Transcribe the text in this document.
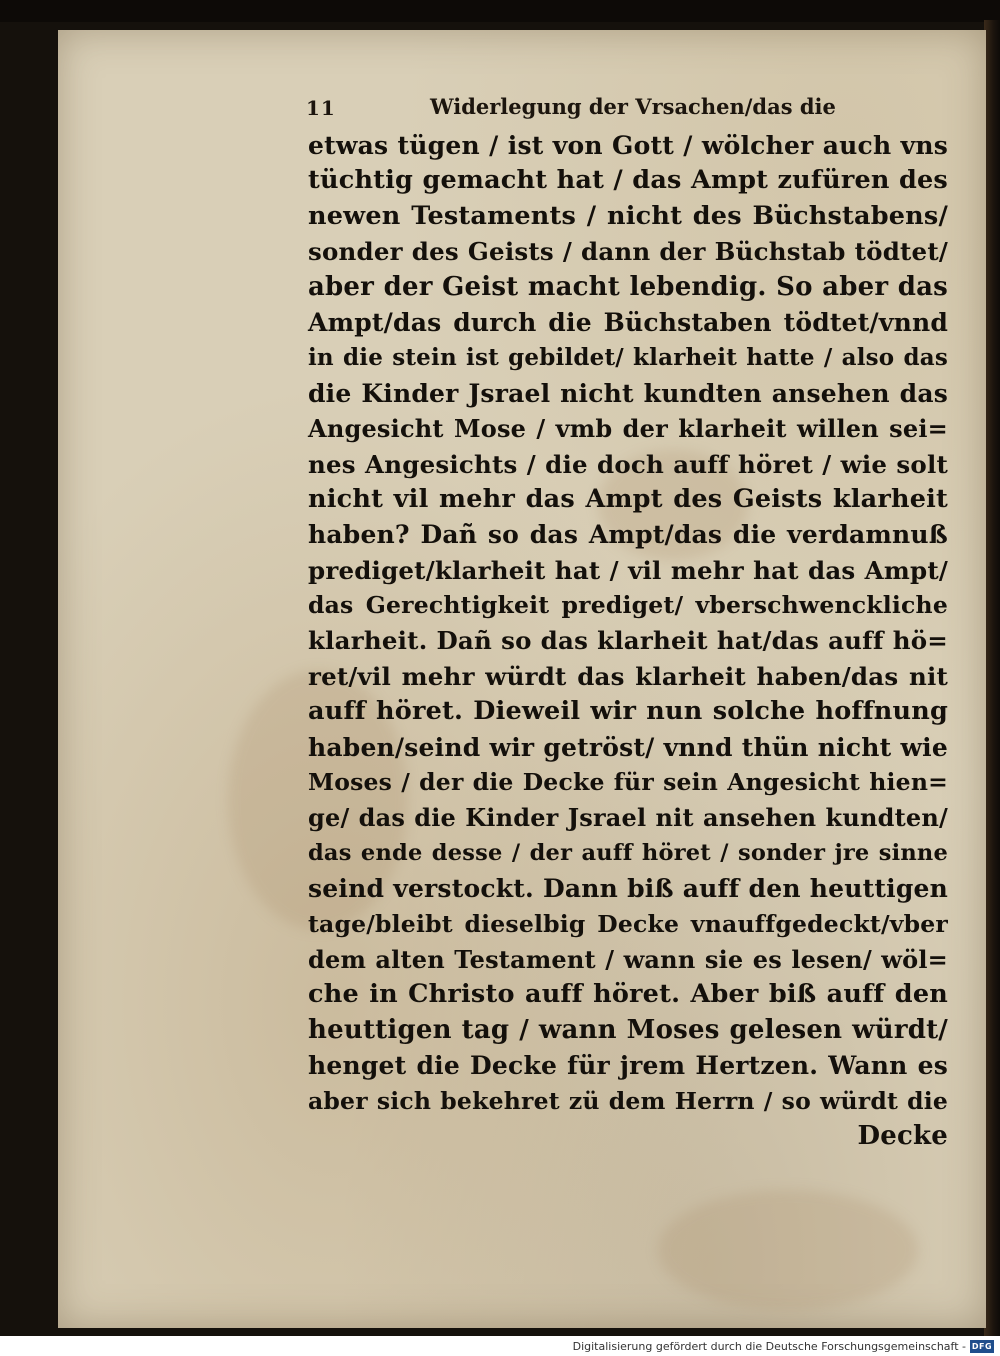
11	Widerlegung der Vrsachen/das die
etwas tügen / ist von Gott / wölcher auch vns
tüchtig gemacht hat / das Ampt zufüren des
newen Testaments / nicht des Büchstabens/
sonder des Geists / dann der Büchstab tödtet/
aber der Geist macht lebendig. So aber das
Ampt/das durch die Büchstaben tödtet/vnnd
in die stein ist gebildet/ klarheit hatte / also das
die Kinder Jsrael nicht kundten ansehen das
Angesicht Mose / vmb der klarheit willen sei=
nes Angesichts / die doch auff höret / wie solt
nicht vil mehr das Ampt des Geists klarheit
haben? Dañ so das Ampt/das die verdamnuß
prediget/klarheit hat / vil mehr hat das Ampt/
das Gerechtigkeit prediget/ vberschwenckliche
klarheit. Dañ so das klarheit hat/das auff hö=
ret/vil mehr würdt das klarheit haben/das nit
auff höret. Dieweil wir nun solche hoffnung
haben/seind wir getröst/ vnnd thün nicht wie
Moses / der die Decke für sein Angesicht hien=
ge/ das die Kinder Jsrael nit ansehen kundten/
das ende desse / der auff höret / sonder jre sinne
seind verstockt. Dann biß auff den heuttigen
tage/bleibt dieselbig Decke vnauffgedeckt/vber
dem alten Testament / wann sie es lesen/ wöl=
che in Christo auff höret. Aber biß auff den
heuttigen tag / wann Moses gelesen würdt/
henget die Decke für jrem Hertzen. Wann es
aber sich bekehret zü dem Herrn / so würdt die
Decke
Digitalisierung gefördert durch die Deutsche Forschungsgemeinschaft - DFG
